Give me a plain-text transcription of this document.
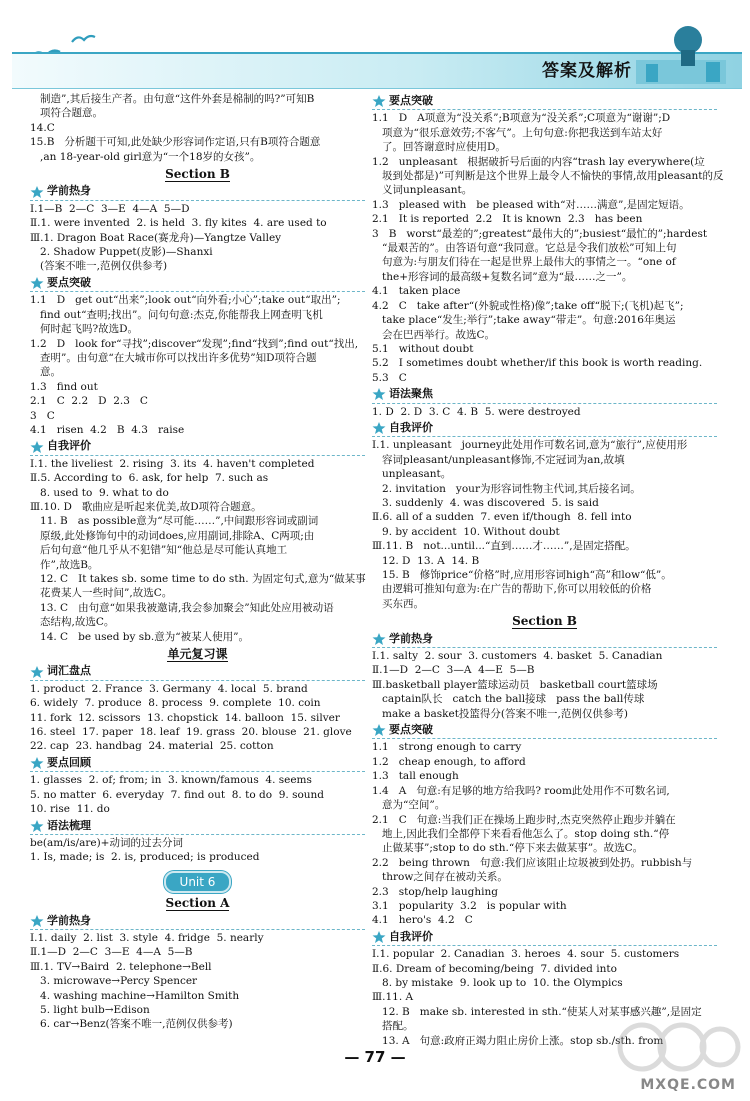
答案及解析
制造”,其后接生产者。由句意“这件外套是棉制的吗?”可知B
项符合题意。
14.C
15.B   分析题干可知,此处缺少形容词作定语,只有B项符合题意
,an 18-year-old girl意为“一个18岁的女孩”。
Section B
学前热身
Ⅰ.1—B  2—C  3—E  4—A  5—D
Ⅱ.1. were invented  2. is held  3. fly kites  4. are used to
Ⅲ.1. Dragon Boat Race(赛龙舟)—Yangtze Valley
2. Shadow Puppet(皮影)—Shanxi
(答案不唯一,范例仅供参考)
要点突破
1.1   D   get out“出来”;look out“向外看;小心”;take out“取出”;
find out“查明;找出”。问句句意:杰克,你能帮我上网查明飞机
何时起飞吗?故选D。
1.2   D   look for“寻找”;discover“发现”;find“找到”;find out“找出,
查明”。由句意“在大城市你可以找出许多优势”知D项符合题
意。
1.3   find out
2.1   C  2.2   D  2.3   C
3   C
4.1   risen  4.2   B  4.3   raise
自我评价
Ⅰ.1. the liveliest  2. rising  3. its  4. haven't completed
Ⅱ.5. According to  6. ask, for help  7. such as
8. used to  9. what to do
Ⅲ.10. D   歌曲应是听起来优美,故D项符合题意。
11. B   as possible意为“尽可能……”,中间跟形容词或副词
原级,此处修饰句中的动词does,应用副词,排除A、C两项;由
后句句意“他几乎从不犯错”知“他总是尽可能认真地工
作”,故选B。
12. C   It takes sb. some time to do sth. 为固定句式,意为“做某事
花费某人一些时间”,故选C。
13. C   由句意“如果我被邀请,我会参加聚会”知此处应用被动语
态结构,故选C。
14. C   be used by sb.意为“被某人使用”。
单元复习课
词汇盘点
1. product  2. France  3. Germany  4. local  5. brand
6. widely  7. produce  8. process  9. complete  10. coin
11. fork  12. scissors  13. chopstick  14. balloon  15. silver
16. steel  17. paper  18. leaf  19. grass  20. blouse  21. glove
22. cap  23. handbag  24. material  25. cotton
要点回顾
1. glasses  2. of; from; in  3. known/famous  4. seems
5. no matter  6. everyday  7. find out  8. to do  9. sound
10. rise  11. do
语法梳理
be(am/is/are)+动词的过去分词
1. Is, made; is  2. is, produced; is produced
Unit 6
Section A
学前热身
Ⅰ.1. daily  2. list  3. style  4. fridge  5. nearly
Ⅱ.1—D  2—C  3—E  4—A  5—B
Ⅲ.1. TV→Baird  2. telephone→Bell
3. microwave→Percy Spencer
4. washing machine→Hamilton Smith
5. light bulb→Edison
6. car→Benz(答案不唯一,范例仅供参考)
要点突破
1.1   D   A项意为“没关系”;B项意为“没关系”;C项意为“谢谢”;D
项意为“很乐意效劳;不客气”。上句句意:你把我送到车站太好
了。回答谢意时应使用D。
1.2   unpleasant   根据破折号后面的内容“trash lay everywhere(垃
圾到处都是)”可判断是这个世界上最令人不愉快的事情,故用pleasant的反
义词unpleasant。
1.3   pleased with   be pleased with“对……满意”,是固定短语。
2.1   It is reported  2.2   It is known  2.3   has been
3   B   worst“最差的”;greatest“最伟大的”;busiest“最忙的”;hardest
“最艰苦的”。由答语句意“我同意。它总是令我们放松”可知上句
句意为:与朋友们待在一起是世界上最伟大的事情之一。“one of
the+形容词的最高级+复数名词”意为“最……之一”。
4.1   taken place
4.2   C   take after“(外貌或性格)像”;take off“脱下;(飞机)起飞”;
take place“发生;举行”;take away“带走”。句意:2016年奥运
会在巴西举行。故选C。
5.1   without doubt
5.2   I sometimes doubt whether/if this book is worth reading.
5.3   C
语法聚焦
1. D  2. D  3. C  4. B  5. were destroyed
自我评价
Ⅰ.1. unpleasant   journey此处用作可数名词,意为“旅行”,应使用形
容词pleasant/unpleasant修饰,不定冠词为an,故填
unpleasant。
2. invitation   your为形容词性物主代词,其后接名词。
3. suddenly  4. was discovered  5. is said
Ⅱ.6. all of a sudden  7. even if/though  8. fell into
9. by accident  10. Without doubt
Ⅲ.11. B   not...until...“直到……才……”,是固定搭配。
12. D  13. A  14. B
15. B   修饰price“价格”时,应用形容词high“高”和low“低”。
由逻辑可推知句意为:在广告的帮助下,你可以用较低的价格
买东西。
Section B
学前热身
Ⅰ.1. salty  2. sour  3. customers  4. basket  5. Canadian
Ⅱ.1—D  2—C  3—A  4—E  5—B
Ⅲ.basketball player篮球运动员   basketball court篮球场
captain队长   catch the ball接球   pass the ball传球
make a basket投篮得分(答案不唯一,范例仅供参考)
要点突破
1.1   strong enough to carry
1.2   cheap enough, to afford
1.3   tall enough
1.4   A   句意:有足够的地方给我吗? room此处用作不可数名词,
意为“空间”。
2.1   C   句意:当我们正在操场上跑步时,杰克突然停止跑步并躺在
地上,因此我们全都停下来看看他怎么了。stop doing sth.“停
止做某事”;stop to do sth.“停下来去做某事”。故选C。
2.2   being thrown   句意:我们应该阻止垃圾被到处扔。rubbish与
throw之间存在被动关系。
2.3   stop/help laughing
3.1   popularity  3.2   is popular with
4.1   hero's  4.2   C
自我评价
Ⅰ.1. popular  2. Canadian  3. heroes  4. sour  5. customers
Ⅱ.6. Dream of becoming/being  7. divided into
8. by mistake  9. look up to  10. the Olympics
Ⅲ.11. A
12. B   make sb. interested in sth.“使某人对某事感兴趣”,是固定
搭配。
13. A   句意:政府正竭力阻止房价上涨。stop sb./sth. from
— 77 —
MXQE.COM
